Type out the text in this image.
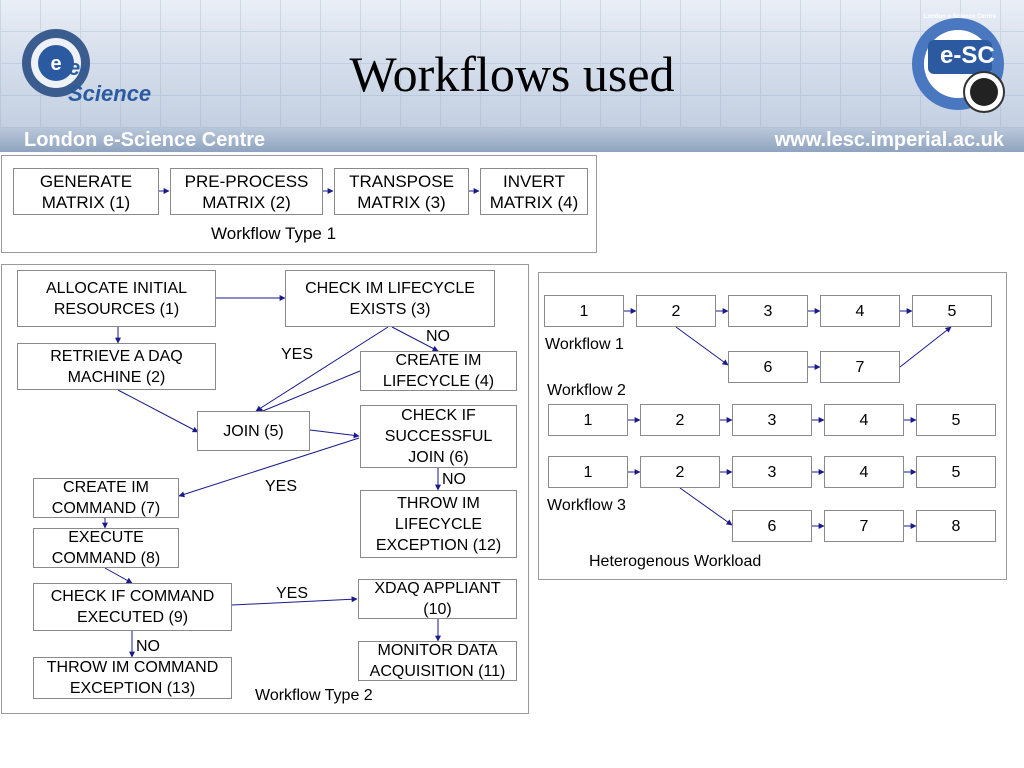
e e-Science	Workflows used	e-SC
London e-Science Centre
ICENI
London e-Science Centre	www.lesc.imperial.ac.uk
GENERATE
MATRIX (1)
PRE-PROCESS
MATRIX (2)
TRANSPOSE
MATRIX (3)
INVERT
MATRIX (4)
Workflow Type 1
ALLOCATE INITIAL
RESOURCES (1)
CHECK IM LIFECYCLE
EXISTS (3)
RETRIEVE A DAQ
MACHINE (2)
CREATE IM
LIFECYCLE (4)
JOIN (5)
CHECK IF
SUCCESSFUL
JOIN (6)
CREATE IM
COMMAND (7)	THROW IM
LIFECYCLE
EXCEPTION (12)
EXECUTE
COMMAND (8)
CHECK IF COMMAND
EXECUTED (9)
XDAQ APPLIANT
(10)
MONITOR DATA
ACQUISITION (11)
THROW IM COMMAND
EXCEPTION (13)
NO
YES
NO
YES
YES
NO
Workflow Type 2
1	2	3	4	5
6	7
Workflow 1
Workflow 2
1	2	3	4	5
1	2	3	4	5
6	7	8
Workflow 3
Heterogenous Workload
